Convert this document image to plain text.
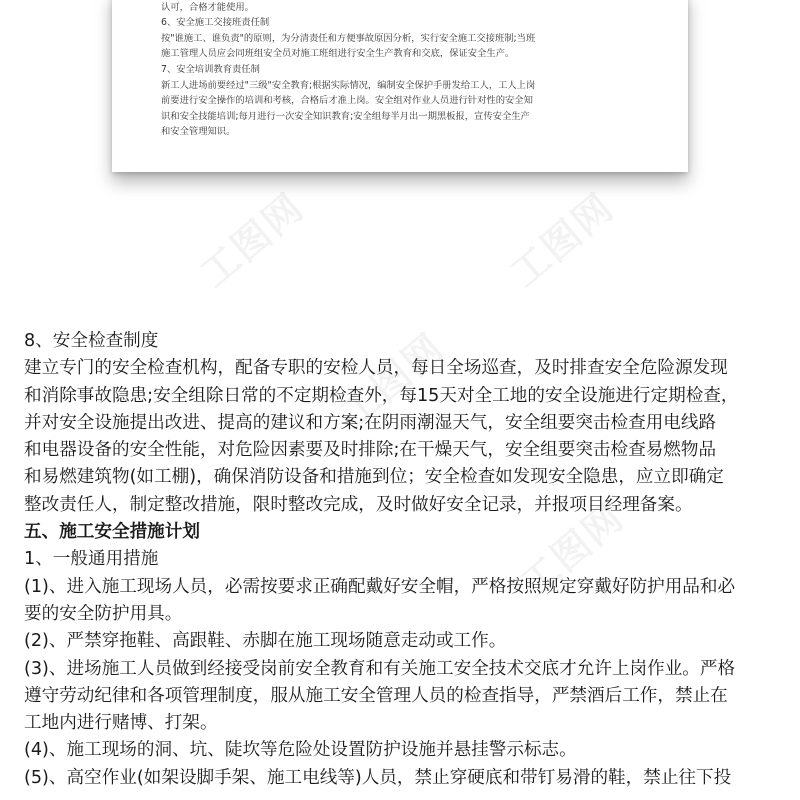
认可，合格才能使用。

6、安全施工交接班责任制

按"谁施工、谁负责"的原则，为分清责任和方便事故原因分析，实行安全施工交接班制;当班

施工管理人员应会同班组安全员对施工班组进行安全生产教育和交底，保证安全生产。

7、安全培训教育责任制

新工人进场前要经过"三级"安全教育;根据实际情况，编制安全保护手册发给工人，工人上岗

前要进行安全操作的培训和考核，合格后才准上岗。安全组对作业人员进行针对性的安全知

识和安全技能培训;每月进行一次安全知识教育;安全组每半月出一期黑板报，宣传安全生产

和安全管理知识。

工图网	工图网
工图网
工图网

8、安全检查制度

建立专门的安全检查机构，配备专职的安检人员，每日全场巡查，及时排查安全危险源发现

和消除事故隐患;安全组除日常的不定期检查外，每15天对全工地的安全设施进行定期检查，

并对安全设施提出改进、提高的建议和方案;在阴雨潮湿天气，安全组要突击检查用电线路

和电器设备的安全性能，对危险因素要及时排除;在干燥天气，安全组要突击检查易燃物品

和易燃建筑物(如工棚)，确保消防设备和措施到位；安全检查如发现安全隐患，应立即确定

整改责任人，制定整改措施，限时整改完成，及时做好安全记录，并报项目经理备案。

五、施工安全措施计划

1、一般通用措施

(1)、进入施工现场人员，必需按要求正确配戴好安全帽，严格按照规定穿戴好防护用品和必

要的安全防护用具。

(2)、严禁穿拖鞋、高跟鞋、赤脚在施工现场随意走动或工作。

(3)、进场施工人员做到经接受岗前安全教育和有关施工安全技术交底才允许上岗作业。严格

遵守劳动纪律和各项管理制度，服从施工安全管理人员的检查指导，严禁酒后工作，禁止在

工地内进行赌博、打架。

(4)、施工现场的洞、坑、陡坎等危险处设置防护设施并悬挂警示标志。

(5)、高空作业(如架设脚手架、施工电线等)人员，禁止穿硬底和带钉易滑的鞋，禁止往下投
